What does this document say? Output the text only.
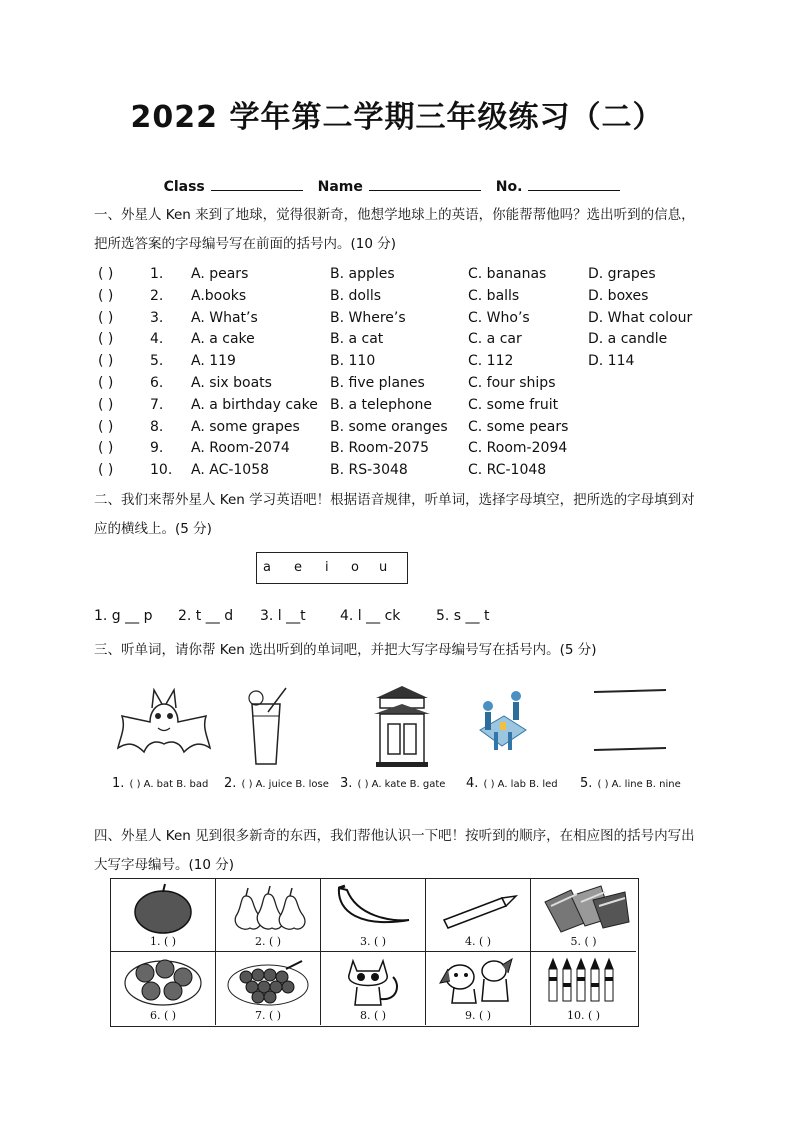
2022 学年第二学期三年级练习（二）
Class	Name	No.
一、外星人 Ken 来到了地球，觉得很新奇，他想学地球上的英语，你能帮帮他吗？选出听到的信息，把所选答案的字母编号写在前面的括号内。(10 分)
( )	1. A. pears	B. apples	C. bananas	D. grapes
( )	2. A.books	B. dolls	C. balls	D. boxes
( )	3. A. What’s	B. Where’s	C. Who’s	D. What colour
( )	4. A. a cake	B. a cat	C. a car	D. a candle
( )	5. A. 119	B. 110	C. 112	D. 114
( )	6. A. six boats	B. five planes	C. four ships
( )	7. A. a birthday cake B. a telephone	C. some fruit
( )	8. A. some grapes B. some oranges C. some pears
( )	9. A. Room-2074	B. Room-2075	C. Room-2094
( )	10. A. AC-1058	B. RS-3048	C. RC-1048
二、我们来帮外星人 Ken 学习英语吧！根据语音规律，听单词，选择字母填空，把所选的字母填到对应的横线上。(5 分)
a e i o u
1. g __ p 2. t __ d 3. l __t 4. l __ ck	5. s __ t
三、听单词，请你帮 Ken 选出听到的单词吧，并把大写字母编号写在括号内。(5 分)
1. ( ) A. bat B. bad 2. ( ) A. juice B. lose 3. ( ) A. kate B. gate 4. ( ) A. lab B. led 5. ( ) A. line B. nine
四、外星人 Ken 见到很多新奇的东西，我们帮他认识一下吧！按听到的顺序，在相应图的括号内写出大写字母编号。(10 分)
1. ( )	2. ( )	3. ( )	4. ( )	5. ( )
6. ( )	7. ( )	8. ( )	9. ( )	10. ( )
